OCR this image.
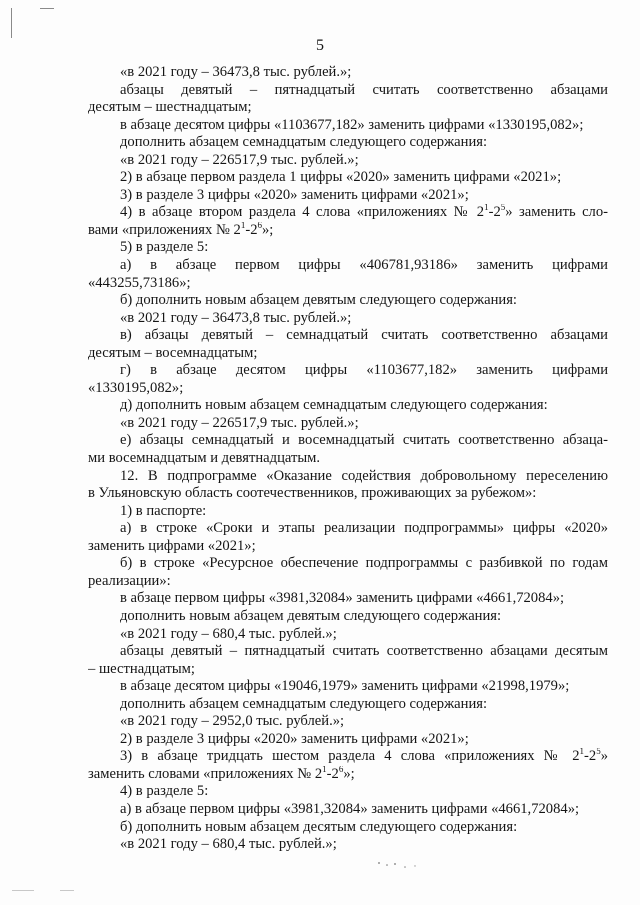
5
«в 2021 году – 36473,8 тыс. рублей.»;
абзацы девятый – пятнадцатый считать соответственно абзацами
десятым – шестнадцатым;
в абзаце десятом цифры «1103677,182» заменить цифрами «1330195,082»;
дополнить абзацем семнадцатым следующего содержания:
«в 2021 году – 226517,9 тыс. рублей.»;
2) в абзаце первом раздела 1 цифры «2020» заменить цифрами «2021»;
3) в разделе 3 цифры «2020» заменить цифрами «2021»;
4) в абзаце втором раздела 4 слова «приложениях № $2^1-2^5$» заменить сло-
вами «приложениях № $2^1-2^6$»;
5) в разделе 5:
а) в абзаце первом цифры «406781,93186» заменить цифрами
«443255,73186»;
б) дополнить новым абзацем девятым следующего содержания:
«в 2021 году – 36473,8 тыс. рублей.»;
в) абзацы девятый – семнадцатый считать соответственно абзацами
десятым – восемнадцатым;
г) в абзаце десятом цифры «1103677,182» заменить цифрами
«1330195,082»;
д) дополнить новым абзацем семнадцатым следующего содержания:
«в 2021 году – 226517,9 тыс. рублей.»;
е) абзацы семнадцатый и восемнадцатый считать соответственно абзаца-
ми восемнадцатым и девятнадцатым.
12. В подпрограмме «Оказание содействия добровольному переселению
в Ульяновскую область соотечественников, проживающих за рубежом»:
1) в паспорте:
а) в строке «Сроки и этапы реализации подпрограммы» цифры «2020»
заменить цифрами «2021»;
б) в строке «Ресурсное обеспечение подпрограммы с разбивкой по годам
реализации»:
в абзаце первом цифры «3981,32084» заменить цифрами «4661,72084»;
дополнить новым абзацем девятым следующего содержания:
«в 2021 году – 680,4 тыс. рублей.»;
абзацы девятый – пятнадцатый считать соответственно абзацами десятым
– шестнадцатым;
в абзаце десятом цифры «19046,1979» заменить цифрами «21998,1979»;
дополнить абзацем семнадцатым следующего содержания:
«в 2021 году – 2952,0 тыс. рублей.»;
2) в разделе 3 цифры «2020» заменить цифрами «2021»;
3) в абзаце тридцать шестом раздела 4 слова «приложениях № $2^1-2^5$»
заменить словами «приложениях № $2^1-2^6$»;
4) в разделе 5:
а) в абзаце первом цифры «3981,32084» заменить цифрами «4661,72084»;
б) дополнить новым абзацем десятым следующего содержания:
«в 2021 году – 680,4 тыс. рублей.»;
